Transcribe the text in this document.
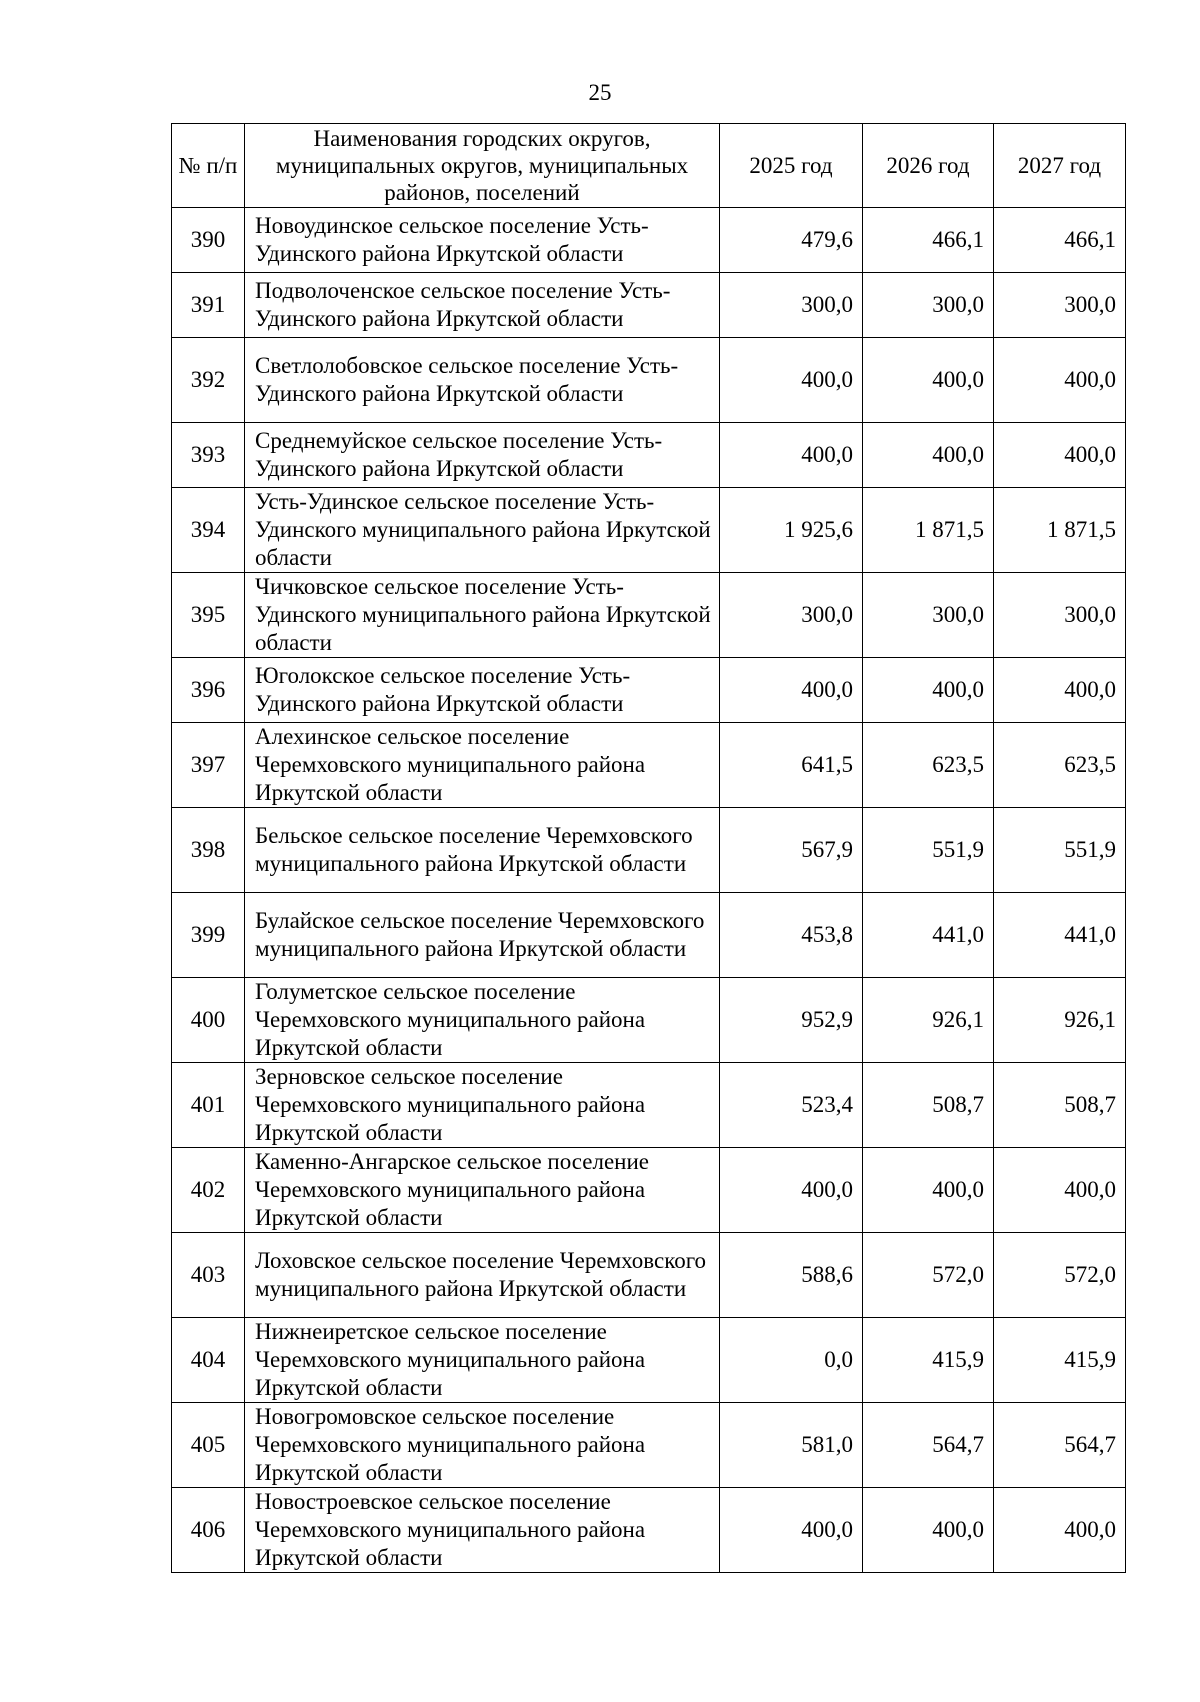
25
№ п/п	Наименования городских округов, муниципальных округов, муниципальных районов, поселений	2025 год	2026 год	2027 год
390	Новоудинское сельское поселение Усть-Удинского района Иркутской области	479,6	466,1	466,1
391	Подволоченское сельское поселение Усть-Удинского района Иркутской области	300,0	300,0	300,0
392	Светлолобовское сельское поселение Усть-Удинского района Иркутской области	400,0	400,0	400,0
393	Среднемуйское сельское поселение Усть-Удинского района Иркутской области	400,0	400,0	400,0
394	Усть-Удинское сельское поселение Усть-Удинского муниципального района Иркутской области	1 925,6	1 871,5	1 871,5
395	Чичковское сельское поселение Усть-Удинского муниципального района Иркутской области	300,0	300,0	300,0
396	Юголокское сельское поселение Усть-Удинского района Иркутской области	400,0	400,0	400,0
397	Алехинское сельское поселение Черемховского муниципального района Иркутской области	641,5	623,5	623,5
398	Бельское сельское поселение Черемховского муниципального района Иркутской области	567,9	551,9	551,9
399	Булайское сельское поселение Черемховского муниципального района Иркутской области	453,8	441,0	441,0
400	Голуметское сельское поселение Черемховского муниципального района Иркутской области	952,9	926,1	926,1
401	Зерновское сельское поселение Черемховского муниципального района Иркутской области	523,4	508,7	508,7
402	Каменно-Ангарское сельское поселение Черемховского муниципального района Иркутской области	400,0	400,0	400,0
403	Лоховское сельское поселение Черемховского муниципального района Иркутской области	588,6	572,0	572,0
404	Нижнеиретское сельское поселение Черемховского муниципального района Иркутской области	0,0	415,9	415,9
405	Новогромовское сельское поселение Черемховского муниципального района Иркутской области	581,0	564,7	564,7
406	Новостроевское сельское поселение Черемховского муниципального района Иркутской области	400,0	400,0	400,0
